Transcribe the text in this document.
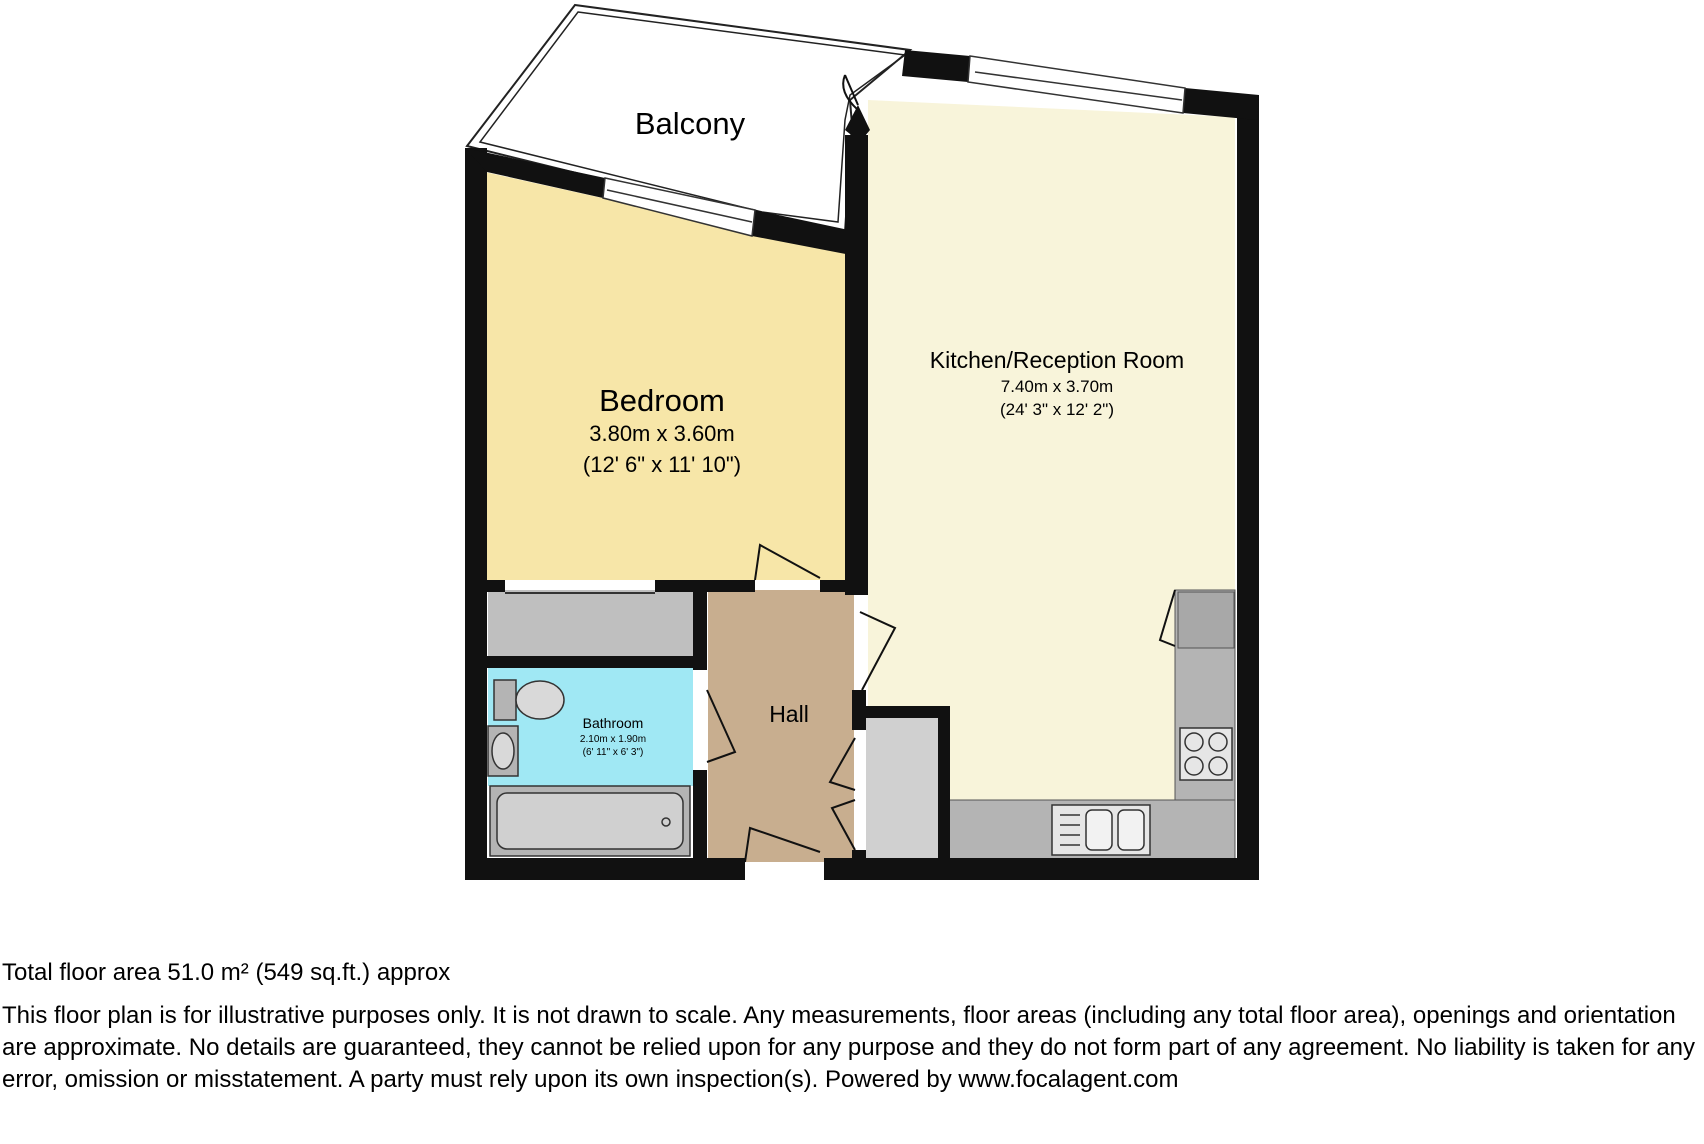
Balcony
Bedroom
3.80m x 3.60m
(12' 6" x 11' 10")
Kitchen/Reception Room
7.40m x 3.70m
(24' 3" x 12' 2")
Bathroom
2.10m x 1.90m
(6' 11" x 6' 3")
Hall

Total floor area 51.0 m² (549 sq.ft.) approx

This floor plan is for illustrative purposes only. It is not drawn to scale. Any measurements, floor areas (including any total floor area), openings and orientation are approximate. No details are guaranteed, they cannot be relied upon for any purpose and they do not form part of any agreement. No liability is taken for any error, omission or misstatement. A party must rely upon its own inspection(s). Powered by www.focalagent.com
